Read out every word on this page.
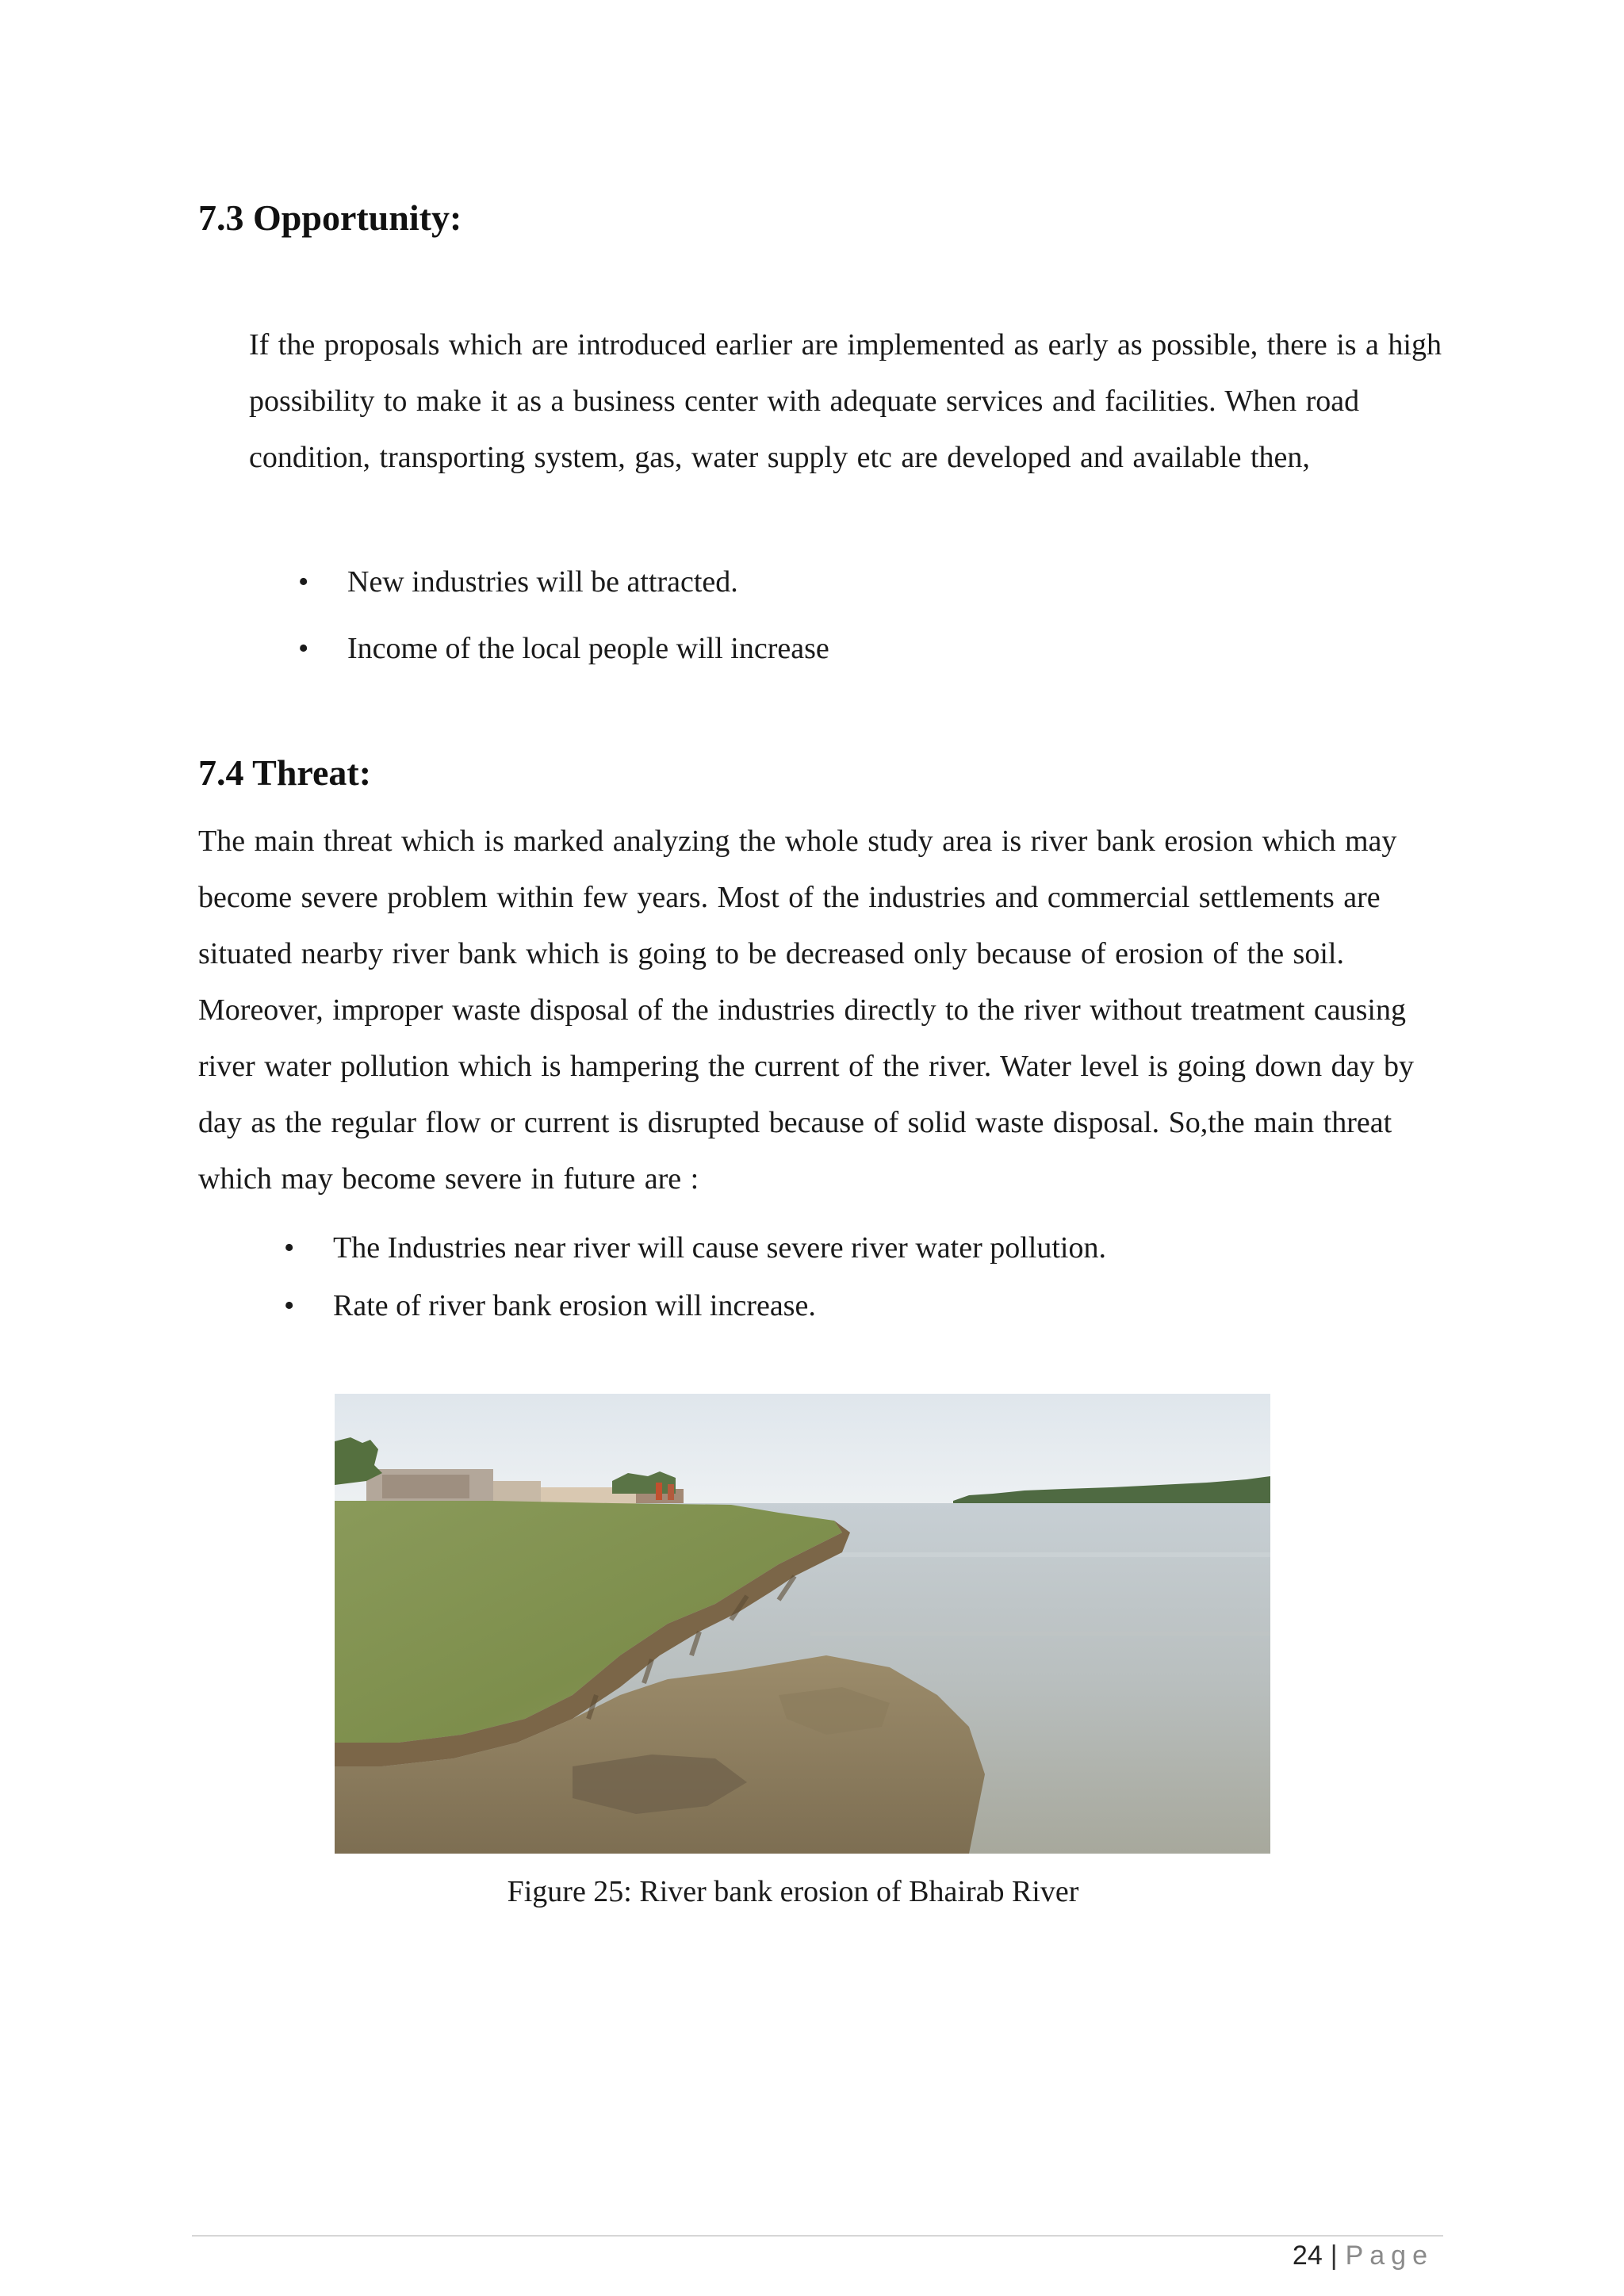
7.3 Opportunity:

If the proposals which are introduced earlier are implemented as early as possible, there is a high possibility to make it as a business center with adequate services and facilities. When road condition, transporting system, gas, water supply etc are developed and available then,

• New industries will be attracted.
• Income of the local people will increase
7.4 Threat:

The main threat which is marked analyzing the whole study area is river bank erosion which may become severe problem within few years. Most of the industries and commercial settlements are situated nearby river bank which is going to be decreased only because of erosion of the soil. Moreover, improper waste disposal of the industries directly to the river without treatment causing river water pollution which is hampering the current of the river. Water level is going down day by day as the regular flow or current is disrupted because of solid waste disposal. So,the main threat which may become severe in future are :

• The Industries near river will cause severe river water pollution.
• Rate of river bank erosion will increase.

Figure 25: River bank erosion of Bhairab River

24 | Page
